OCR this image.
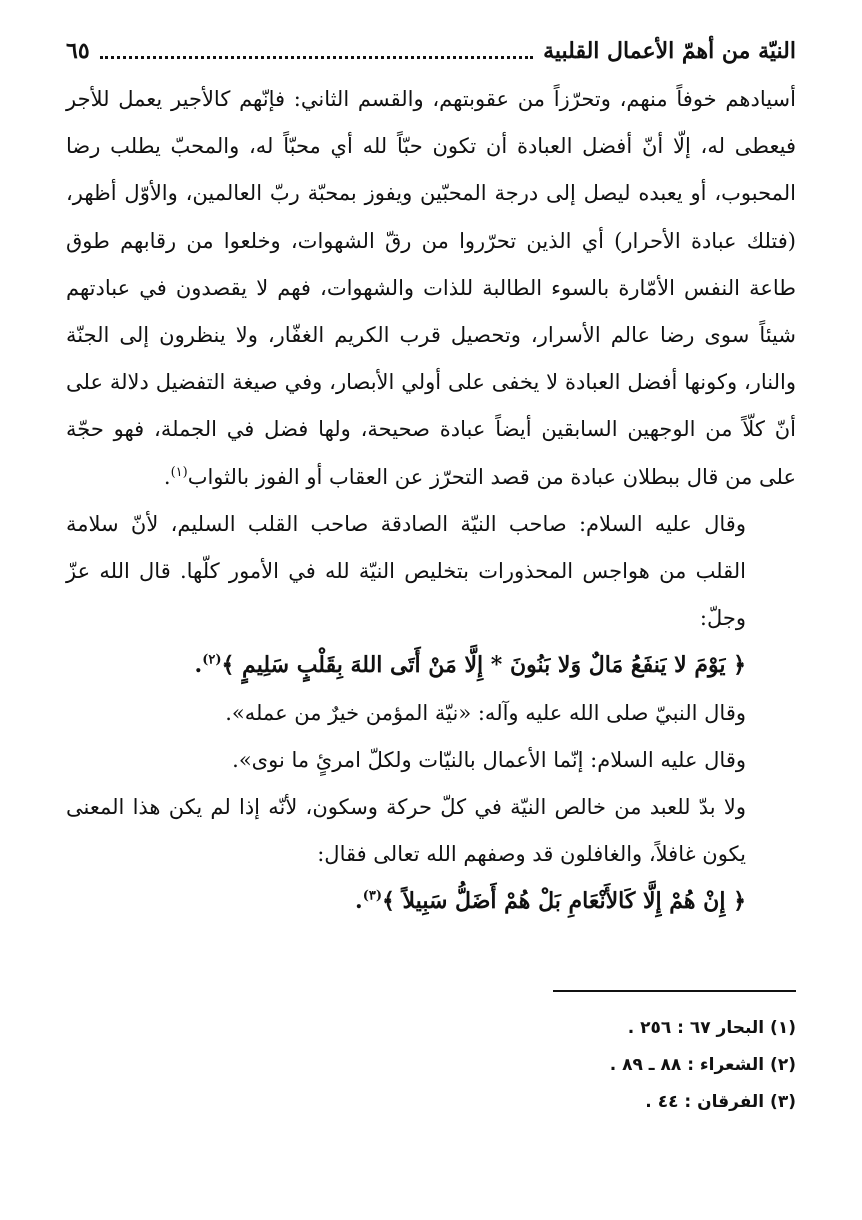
النيّة من أهمّ الأعمال القلبية
٦٥

أسيادهم خوفاً منهم، وتحرّزاً من عقوبتهم، والقسم الثاني: فإنّهم كالأجير يعمل للأجر فيعطى له، إلّا أنّ أفضل العبادة أن تكون حبّاً لله أي محبّاً له، والمحبّ يطلب رضا المحبوب، أو يعبده ليصل إلى درجة المحبّين ويفوز بمحبّة ربّ العالمين، والأوّل أظهر، (فتلك عبادة الأحرار) أي الذين تحرّروا من رقّ الشهوات، وخلعوا من رقابهم طوق طاعة النفس الأمّارة بالسوء الطالبة للذات والشهوات، فهم لا يقصدون في عبادتهم شيئاً سوى رضا عالم الأسرار، وتحصيل قرب الكريم الغفّار، ولا ينظرون إلى الجنّة والنار، وكونها أفضل العبادة لا يخفى على أولي الأبصار، وفي صيغة التفضيل دلالة على أنّ كلّاً من الوجهين السابقين أيضاً عبادة صحيحة، ولها فضل في الجملة، فهو حجّة على من قال ببطلان عبادة من قصد التحرّز عن العقاب أو الفوز بالثواب$^{(١)}$.

وقال عليه السلام: صاحب النيّة الصادقة صاحب القلب السليم، لأنّ سلامة القلب من هواجس المحذورات بتخليص النيّة لله في الأمور كلّها. قال الله عزّ وجلّ:

﴿ يَوْمَ لا يَنفَعُ مَالٌ وَلا بَنُونَ * إِلَّا مَنْ أَتَى اللهَ بِقَلْبٍ سَلِيمٍ ﴾$^{(٢)}$.

وقال النبيّ صلى الله عليه وآله: «نيّة المؤمن خيرٌ من عمله».

وقال عليه السلام: إنّما الأعمال بالنيّات ولكلّ امرئٍ ما نوى».

ولا بدّ للعبد من خالص النيّة في كلّ حركة وسكون، لأنّه إذا لم يكن هذا المعنى يكون غافلاً، والغافلون قد وصفهم الله تعالى فقال:

﴿ إِنْ هُمْ إِلَّا كَالأَنْعَامِ بَلْ هُمْ أَضَلُّ سَبِيلاً ﴾$^{(٣)}$.

(١) البحار ٦٧ : ٢٥٦ .
(٢) الشعراء : ٨٨ ـ ٨٩ .
(٣) الفرقان : ٤٤ .
